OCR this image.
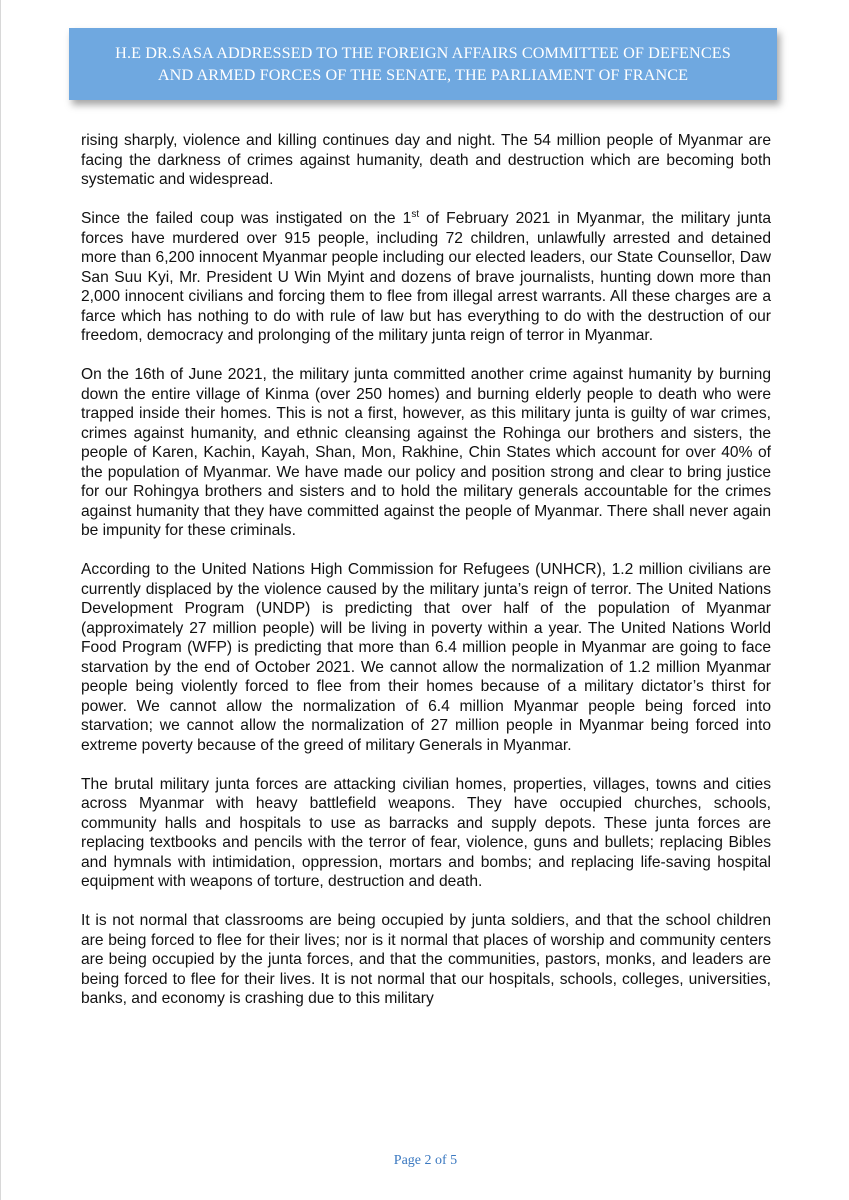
H.E DR.SASA ADDRESSED TO THE FOREIGN AFFAIRS COMMITTEE OF DEFENCES
AND ARMED FORCES OF THE SENATE, THE PARLIAMENT OF FRANCE

rising sharply, violence and killing continues day and night. The 54 million people of Myanmar are facing the darkness of crimes against humanity, death and destruction which are becoming both systematic and widespread.

Since the failed coup was instigated on the 1st of February 2021 in Myanmar, the military junta forces have murdered over 915 people, including 72 children, unlawfully arrested and detained more than 6,200 innocent Myanmar people including our elected leaders, our State Counsellor, Daw San Suu Kyi, Mr. President U Win Myint and dozens of brave journalists, hunting down more than 2,000 innocent civilians and forcing them to flee from illegal arrest warrants. All these charges are a farce which has nothing to do with rule of law but has everything to do with the destruction of our freedom, democracy and prolonging of the military junta reign of terror in Myanmar.

On the 16th of June 2021, the military junta committed another crime against humanity by burning down the entire village of Kinma (over 250 homes) and burning elderly people to death who were trapped inside their homes. This is not a first, however, as this military junta is guilty of war crimes, crimes against humanity, and ethnic cleansing against the Rohinga our brothers and sisters, the people of Karen, Kachin, Kayah, Shan, Mon, Rakhine, Chin States which account for over 40% of the population of Myanmar. We have made our policy and position strong and clear to bring justice for our Rohingya brothers and sisters and to hold the military generals accountable for the crimes against humanity that they have committed against the people of Myanmar. There shall never again be impunity for these criminals.

According to the United Nations High Commission for Refugees (UNHCR), 1.2 million civilians are currently displaced by the violence caused by the military junta’s reign of terror. The United Nations Development Program (UNDP) is predicting that over half of the population of Myanmar (approximately 27 million people) will be living in poverty within a year. The United Nations World Food Program (WFP) is predicting that more than 6.4 million people in Myanmar are going to face starvation by the end of October 2021. We cannot allow the normalization of 1.2 million Myanmar people being violently forced to flee from their homes because of a military dictator’s thirst for power. We cannot allow the normalization of 6.4 million Myanmar people being forced into starvation; we cannot allow the normalization of 27 million people in Myanmar being forced into extreme poverty because of the greed of military Generals in Myanmar.

The brutal military junta forces are attacking civilian homes, properties, villages, towns and cities across Myanmar with heavy battlefield weapons. They have occupied churches, schools, community halls and hospitals to use as barracks and supply depots. These junta forces are replacing textbooks and pencils with the terror of fear, violence, guns and bullets; replacing Bibles and hymnals with intimidation, oppression, mortars and bombs; and replacing life-saving hospital equipment with weapons of torture, destruction and death.

It is not normal that classrooms are being occupied by junta soldiers, and that the school children are being forced to flee for their lives; nor is it normal that places of worship and community centers are being occupied by the junta forces, and that the communities, pastors, monks, and leaders are being forced to flee for their lives. It is not normal that our hospitals, schools, colleges, universities, banks, and economy is crashing due to this military

Page 2 of 5
